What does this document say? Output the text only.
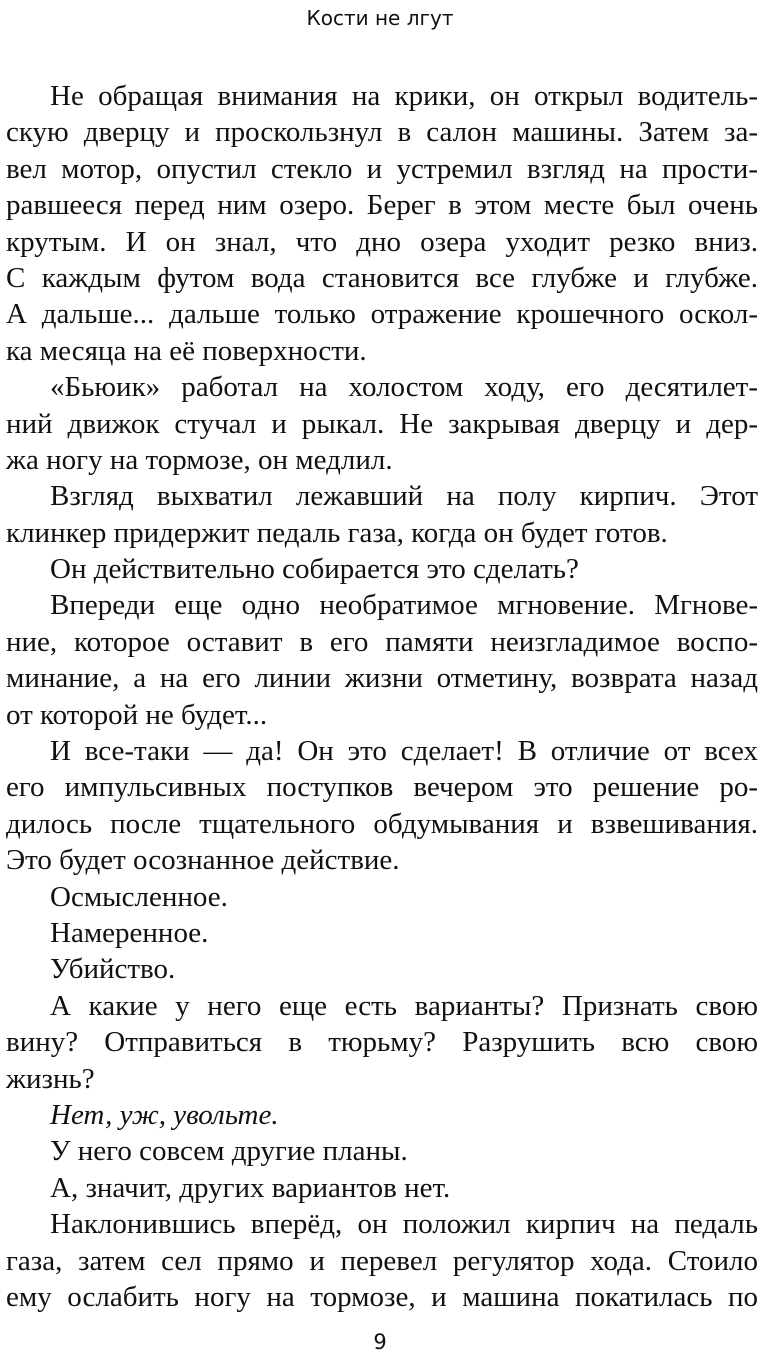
Кости не лгут
Не обращая внимания на крики, он открыл водитель-
скую дверцу и проскользнул в салон машины. Затем за-
вел мотор, опустил стекло и устремил взгляд на прости-
равшееся перед ним озеро. Берег в этом месте был очень
крутым. И он знал, что дно озера уходит резко вниз.
С каждым футом вода становится все глубже и глубже.
А дальше... дальше только отражение крошечного оскол-
ка месяца на её поверхности.
«Бьюик» работал на холостом ходу, его десятилет-
ний движок стучал и рыкал. Не закрывая дверцу и дер-
жа ногу на тормозе, он медлил.
Взгляд выхватил лежавший на полу кирпич. Этот
клинкер придержит педаль газа, когда он будет готов.
Он действительно собирается это сделать?
Впереди еще одно необратимое мгновение. Мгнове-
ние, которое оставит в его памяти неизгладимое воспо-
минание, а на его линии жизни отметину, возврата назад
от которой не будет...
И все-таки — да! Он это сделает! В отличие от всех
его импульсивных поступков вечером это решение ро-
дилось после тщательного обдумывания и взвешивания.
Это будет осознанное действие.
Осмысленное.
Намеренное.
Убийство.
А какие у него еще есть варианты? Признать свою
вину? Отправиться в тюрьму? Разрушить всю свою
жизнь?
Нет, уж, увольте.
У него совсем другие планы.
А, значит, других вариантов нет.
Наклонившись вперёд, он положил кирпич на педаль
газа, затем сел прямо и перевел регулятор хода. Стоило
ему ослабить ногу на тормозе, и машина покатилась по
9
